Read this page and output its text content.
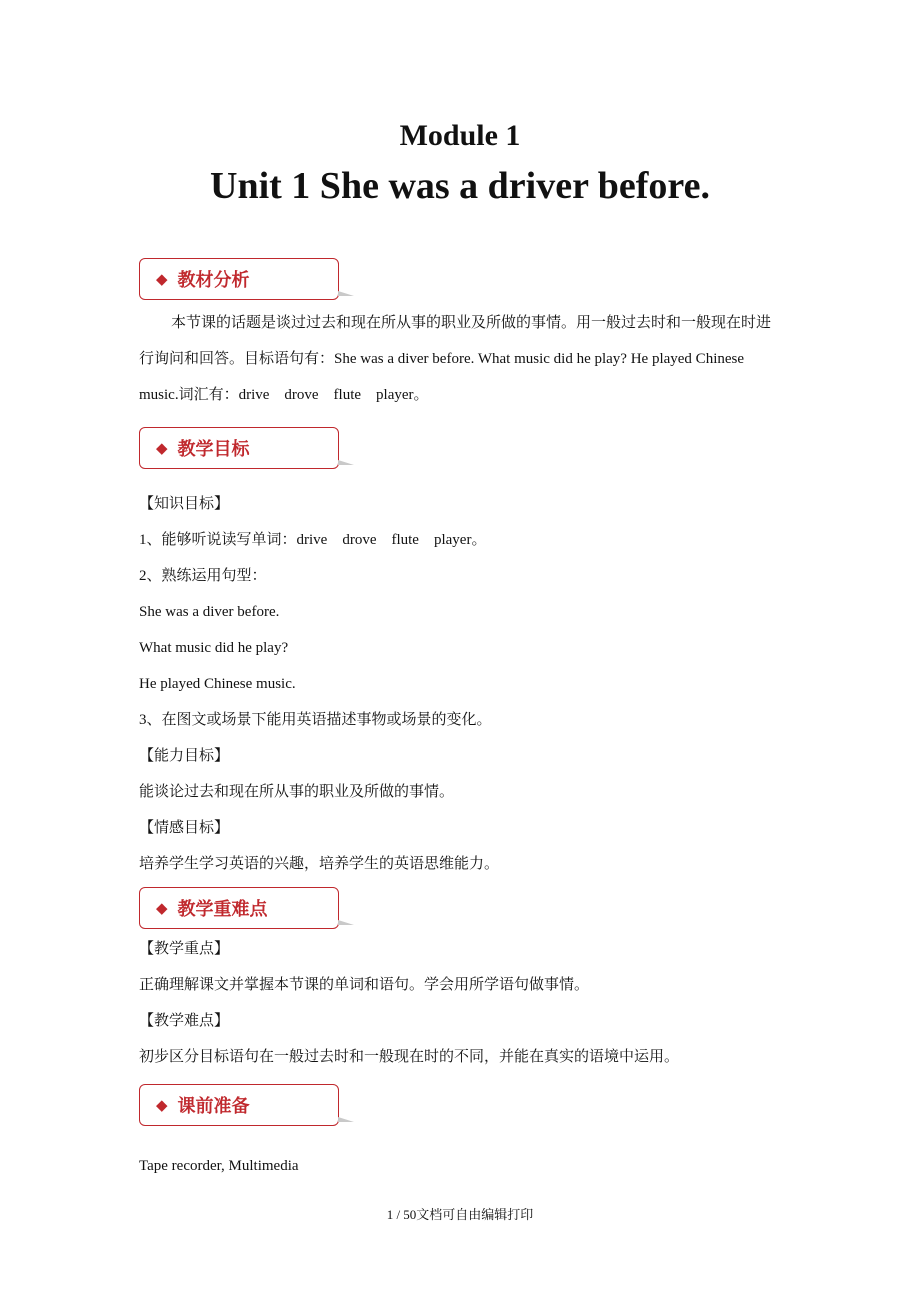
Module 1
Unit 1 She was a driver before.
◆ 教材分析
本节课的话题是谈过过去和现在所从事的职业及所做的事情。用一般过去时和一般现在时进行询问和回答。目标语句有：She was a diver before. What music did he play? He played Chinese music.词汇有：drive　drove　flute　player。
◆ 教学目标
【知识目标】
1、能够听说读写单词：drive　drove　flute　player。
2、熟练运用句型：
She was a diver before.
What music did he play?
He played Chinese music.
3、在图文或场景下能用英语描述事物或场景的变化。
【能力目标】
能谈论过去和现在所从事的职业及所做的事情。
【情感目标】
培养学生学习英语的兴趣，培养学生的英语思维能力。
◆ 教学重难点
【教学重点】
正确理解课文并掌握本节课的单词和语句。学会用所学语句做事情。
【教学难点】
初步区分目标语句在一般过去时和一般现在时的不同，并能在真实的语境中运用。
◆ 课前准备
Tape recorder, Multimedia
1 / 50文档可自由编辑打印
